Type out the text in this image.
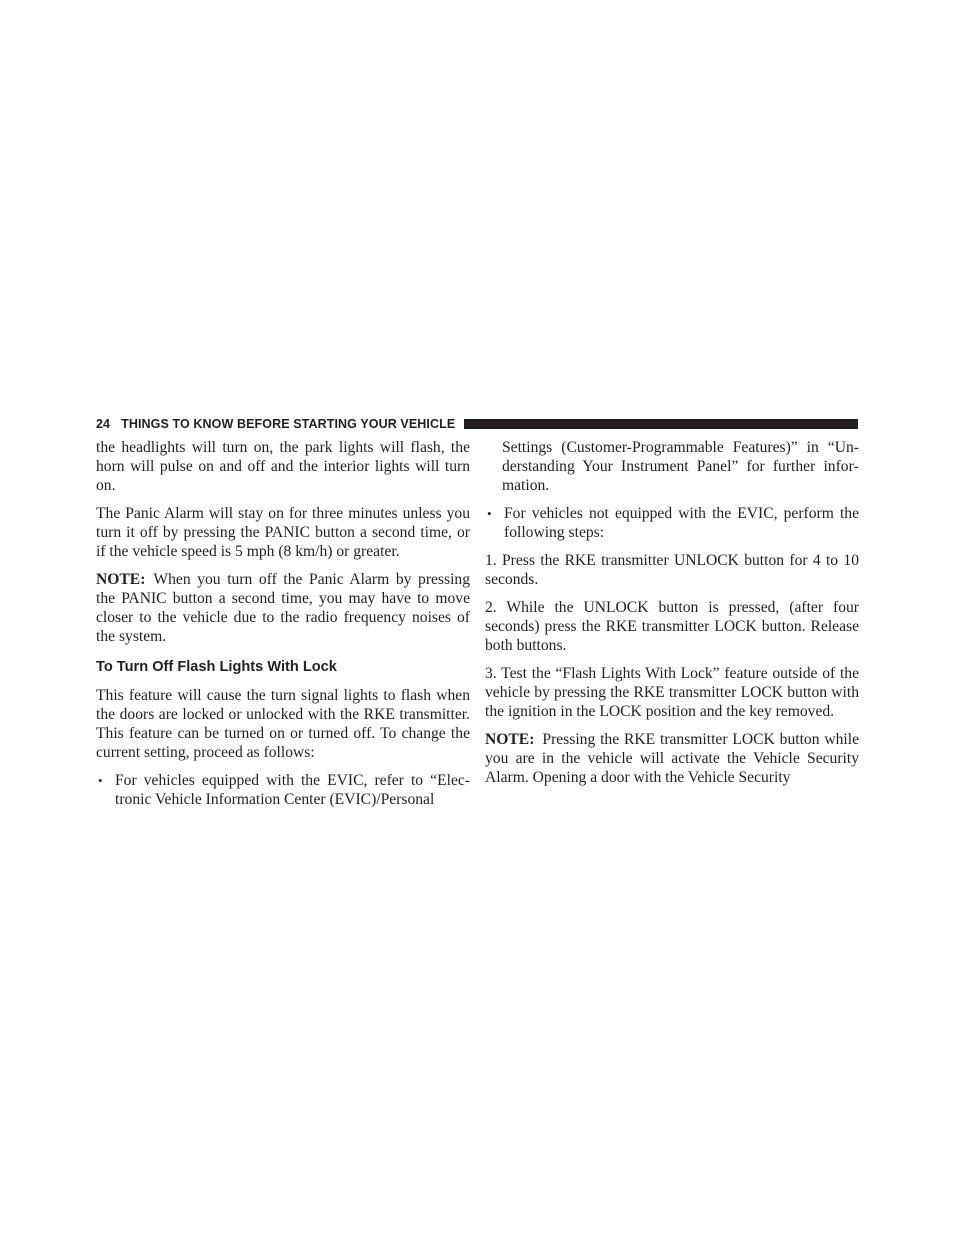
24 THINGS TO KNOW BEFORE STARTING YOUR VEHICLE

the headlights will turn on, the park lights will flash, the horn will pulse on and off and the interior lights will turn on.

The Panic Alarm will stay on for three minutes unless you turn it off by pressing the PANIC button a second time, or if the vehicle speed is 5 mph (8 km/h) or greater.

NOTE: When you turn off the Panic Alarm by pressing the PANIC button a second time, you may have to move closer to the vehicle due to the radio frequency noises of the system.

To Turn Off Flash Lights With Lock

This feature will cause the turn signal lights to flash when the doors are locked or unlocked with the RKE transmitter. This feature can be turned on or turned off. To change the current setting, proceed as follows:

• For vehicles equipped with the EVIC, refer to “Electronic Vehicle Information Center (EVIC)/Personal

Settings (Customer-Programmable Features)” in “Understanding Your Instrument Panel” for further information.

• For vehicles not equipped with the EVIC, perform the following steps:

1. Press the RKE transmitter UNLOCK button for 4 to 10 seconds.

2. While the UNLOCK button is pressed, (after four seconds) press the RKE transmitter LOCK button. Release both buttons.

3. Test the “Flash Lights With Lock” feature outside of the vehicle by pressing the RKE transmitter LOCK button with the ignition in the LOCK position and the key removed.

NOTE: Pressing the RKE transmitter LOCK button while you are in the vehicle will activate the Vehicle Security Alarm. Opening a door with the Vehicle Security
